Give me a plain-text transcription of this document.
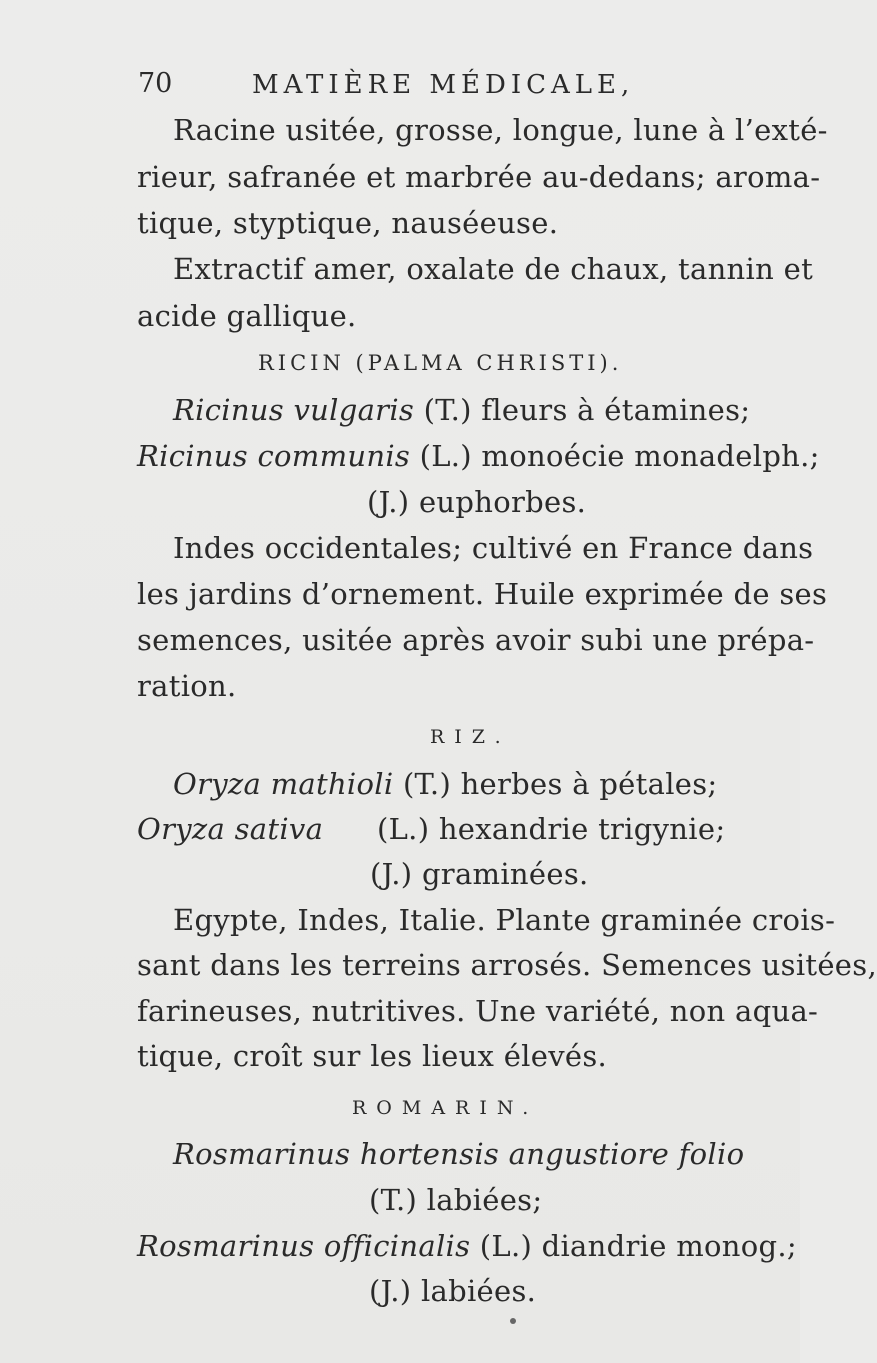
70	MATIÈRE MÉDICALE,
Racine usitée, grosse, longue, lune à l’exté-
rieur, safranée et marbrée au-dedans; aroma-
tique, styptique, nauséeuse.
Extractif amer, oxalate de chaux, tannin et
acide gallique.
RICIN (PALMA CHRISTI).
Ricinus vulgaris (T.) fleurs à étamines;
Ricinus communis (L.) monoécie monadelph.;
(J.) euphorbes.
Indes occidentales; cultivé en France dans
les jardins d’ornement. Huile exprimée de ses
semences, usitée après avoir subi une prépa-
ration.
RIZ.
Oryza mathioli (T.) herbes à pétales;
Oryza sativa (L.) hexandrie trigynie;
(J.) graminées.
Egypte, Indes, Italie. Plante graminée crois-
sant dans les terreins arrosés. Semences usitées,
farineuses, nutritives. Une variété, non aqua-
tique, croît sur les lieux élevés.
ROMARIN.
Rosmarinus hortensis angustiore folio
(T.) labiées;
Rosmarinus officinalis (L.) diandrie monog.;
(J.) labiées.
